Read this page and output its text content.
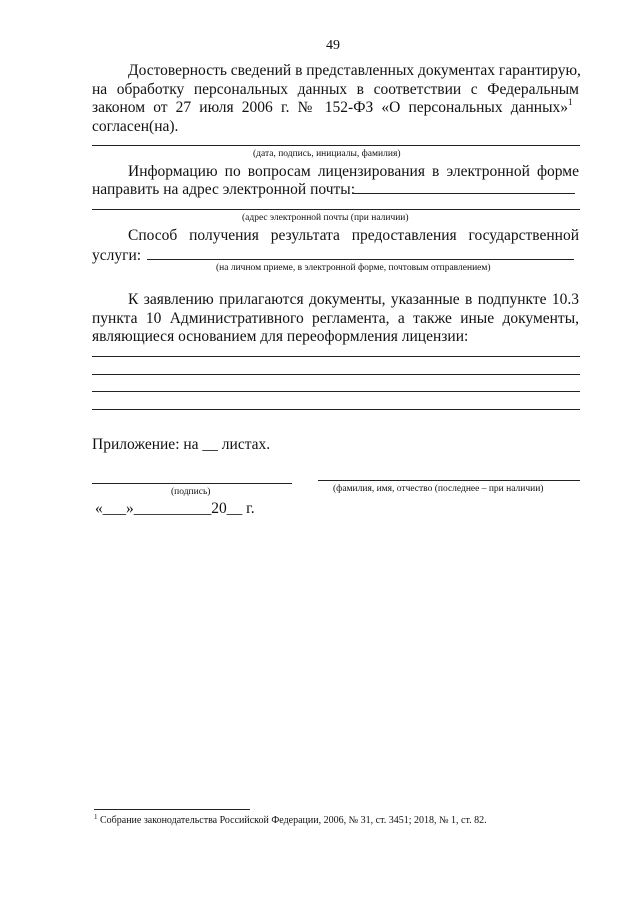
49
Достоверность сведений в представленных документах гарантирую,
на обработку персональных данных в соответствии с Федеральным
законом от 27 июля 2006 г. № 152-ФЗ «О персональных данных»$^1$
согласен(на).
(дата, подпись, инициалы, фамилия)
Информацию по вопросам лицензирования в электронной форме
направить на адрес электронной почты:
(адрес электронной почты (при наличии)
Способ получения результата предоставления государственной
услуги:
(на личном приеме, в электронной форме, почтовым отправлением)
К заявлению прилагаются документы, указанные в подпункте 10.3
пункта 10 Административного регламента, а также иные документы,
являющиеся основанием для переоформления лицензии:
Приложение: на __ листах.
(подпись)	(фамилия, имя, отчество (последнее – при наличии)
«___»__________20__ г.
$^1$ Собрание законодательства Российской Федерации, 2006, № 31, ст. 3451; 2018, № 1, ст. 82.
